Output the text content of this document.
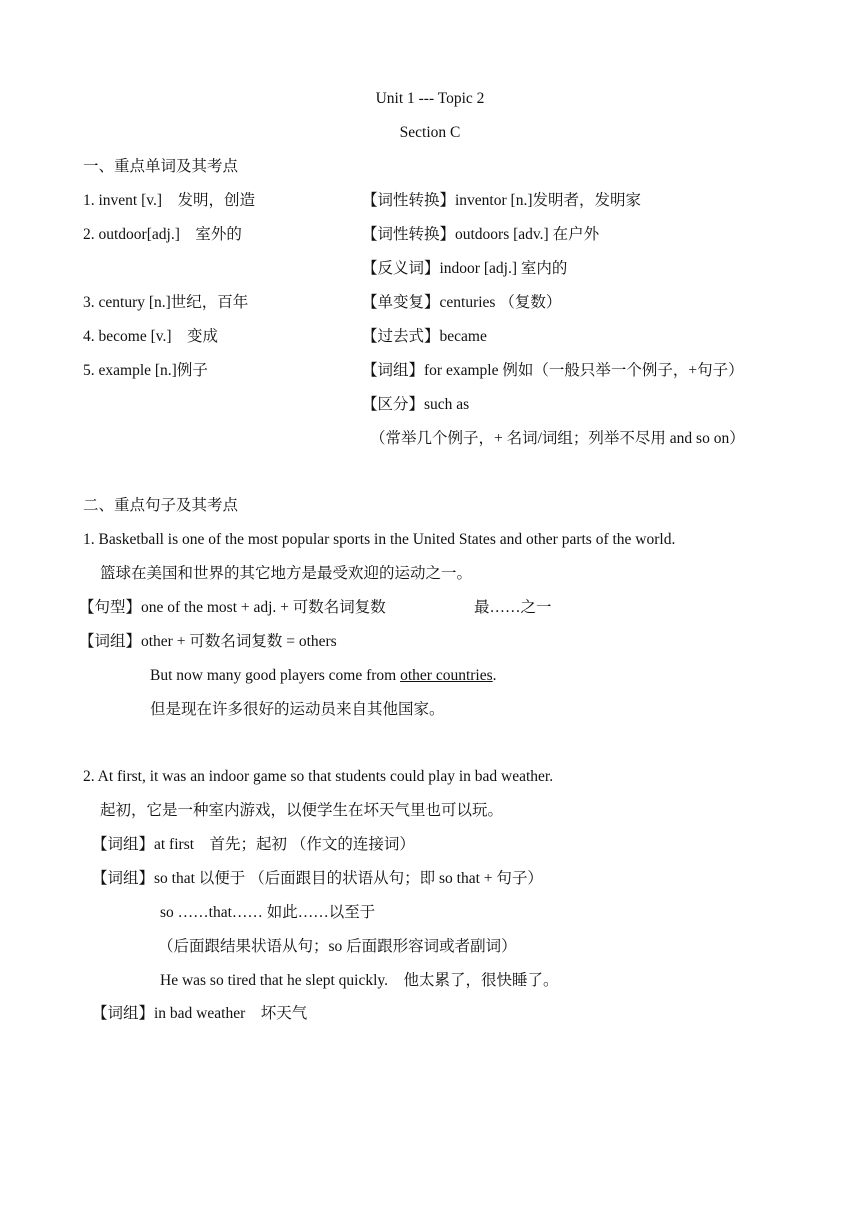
Unit 1 --- Topic 2
Section C
一、重点单词及其考点
1. invent [v.]　发明，创造	【词性转换】inventor [n.]发明者，发明家
2. outdoor[adj.]　室外的	【词性转换】outdoors [adv.] 在户外
【反义词】indoor [adj.] 室内的
3. century [n.]世纪，百年	【单变复】centuries （复数）
4. become [v.]　变成	【过去式】became
5. example [n.]例子	【词组】for example 例如（一般只举一个例子，+句子）
【区分】such as
（常举几个例子，+ 名词/词组；列举不尽用 and so on）
二、重点句子及其考点
1. Basketball is one of the most popular sports in the United States and other parts of the world.
篮球在美国和世界的其它地方是最受欢迎的运动之一。
【句型】one of the most + adj. + 可数名词复数	最……之一
【词组】other + 可数名词复数 = others
But now many good players come from other countries.
但是现在许多很好的运动员来自其他国家。
2. At first, it was an indoor game so that students could play in bad weather.
起初，它是一种室内游戏，以便学生在坏天气里也可以玩。
【词组】at first　首先；起初 （作文的连接词）
【词组】so that 以便于 （后面跟目的状语从句；即 so that + 句子）
so ……that…… 如此……以至于
（后面跟结果状语从句；so 后面跟形容词或者副词）
He was so tired that he slept quickly.　他太累了，很快睡了。
【词组】in bad weather　坏天气
